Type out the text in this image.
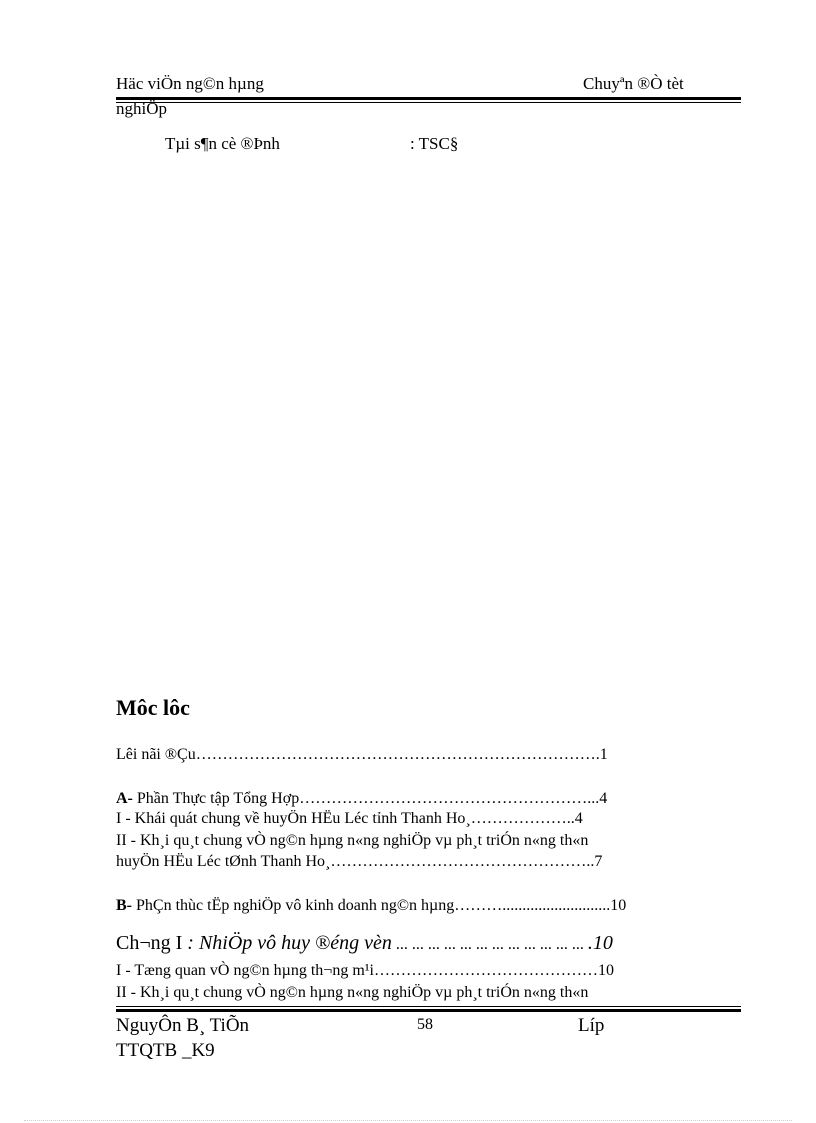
Häc viÖn ng©n hµng	Chuyªn ®Ò tèt
nghiÖp
Tµi s¶n cè ®Þnh	: TSC§
Môc lôc
Lêi nãi ®Çu………………………………………………………………….1
A- Phần Thực tập Tổng Hợp………………………………………………...4
I - Khái quát chung về huyÖn HËu Léc tỉnh Thanh Ho¸………………..4
II - Kh¸i qu¸t chung vÒ ng©n hµng n«ng nghiÖp vµ ph¸t triÓn n«ng th«n
huyÖn HËu Léc tØnh Thanh Ho¸…………………………………………..7
B- PhÇn thùc tËp nghiÖp vô kinh doanh ng©n hµng………...........................10
Ch¬ng I : NhiÖp vô huy ®éng vèn ... ... ... ... ... ... ... ... ... ... ... ... .10
I - Tæng quan vÒ ng©n hµng th¬ng m¹i……………………………………10
II - Kh¸i qu¸t chung vÒ ng©n hµng n«ng nghiÖp vµ ph¸t triÓn n«ng th«n
NguyÔn B¸ TiÕn
TTQTB _K9
58	Líp
